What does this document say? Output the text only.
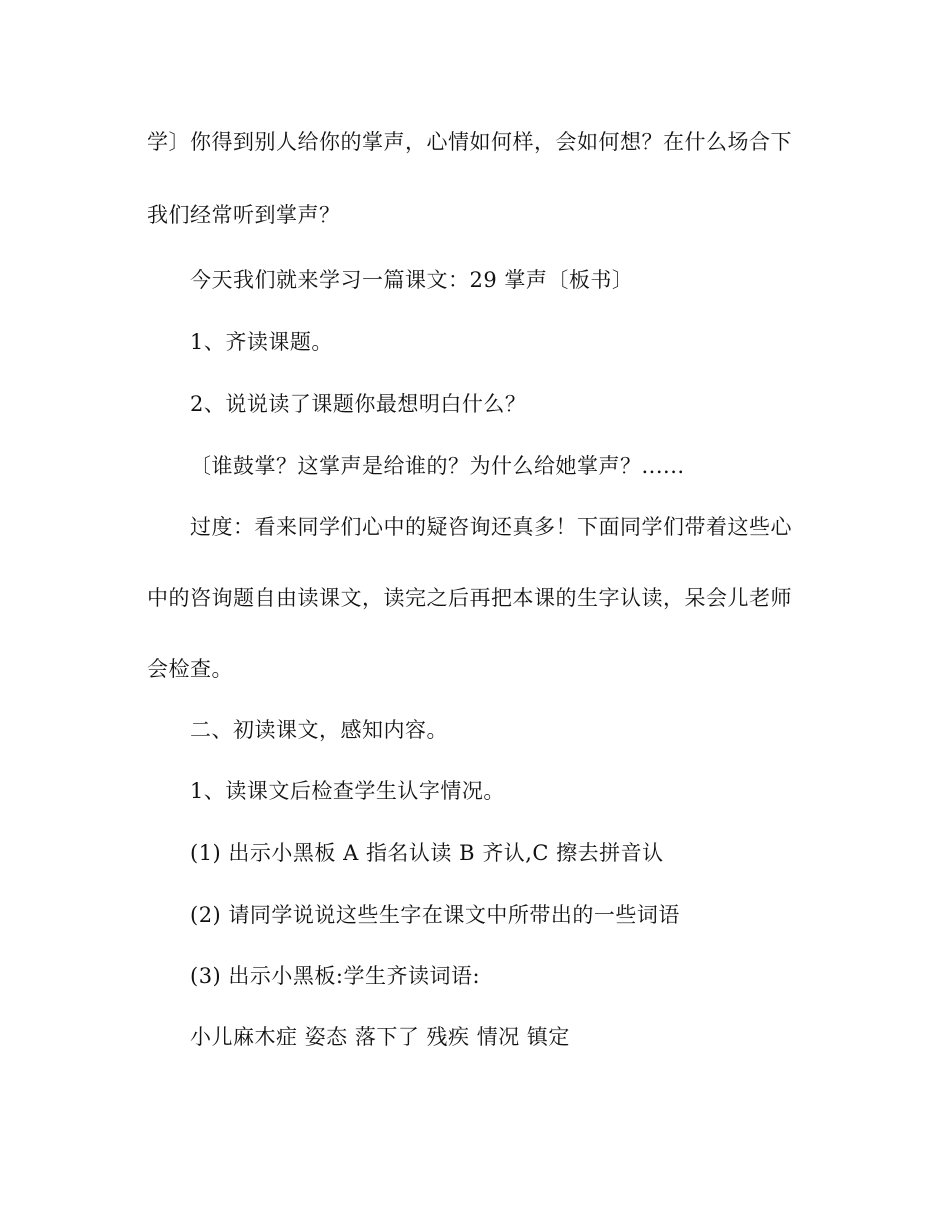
学〕你得到别人给你的掌声，心情如何样，会如何想？在什么场合下
我们经常听到掌声？
今天我们就来学习一篇课文：29 掌声〔板书〕
1、齐读课题。
2、说说读了课题你最想明白什么？
〔谁鼓掌？这掌声是给谁的？为什么给她掌声？......
过度：看来同学们心中的疑咨询还真多！下面同学们带着这些心
中的咨询题自由读课文，读完之后再把本课的生字认读，呆会儿老师
会检查。
二、初读课文，感知内容。
1、读课文后检查学生认字情况。
(1) 出示小黑板 A 指名认读 B 齐认,C 擦去拼音认
(2) 请同学说说这些生字在课文中所带出的一些词语
(3) 出示小黑板:学生齐读词语:
小儿麻木症 姿态 落下了 残疾 情况 镇定
